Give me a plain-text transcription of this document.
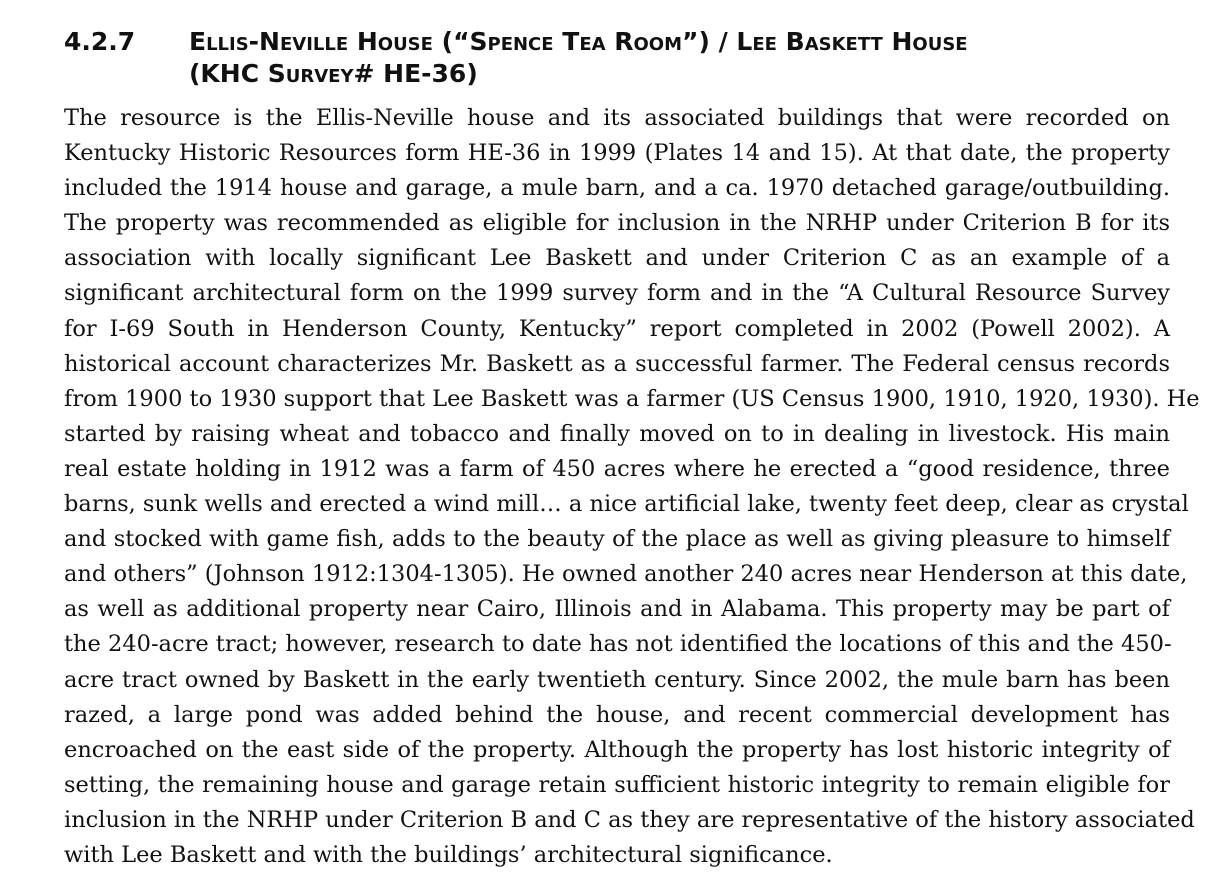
4.2.7 Ellis-Neville House (“Spence Tea Room”) / Lee Baskett House
(KHC Survey# HE-36)
The resource is the Ellis-Neville house and its associated buildings that were recorded on
Kentucky Historic Resources form HE-36 in 1999 (Plates 14 and 15). At that date, the property
included the 1914 house and garage, a mule barn, and a ca. 1970 detached garage/outbuilding.
The property was recommended as eligible for inclusion in the NRHP under Criterion B for its
association with locally significant Lee Baskett and under Criterion C as an example of a
significant architectural form on the 1999 survey form and in the “A Cultural Resource Survey
for I-69 South in Henderson County, Kentucky” report completed in 2002 (Powell 2002). A
historical account characterizes Mr. Baskett as a successful farmer. The Federal census records
from 1900 to 1930 support that Lee Baskett was a farmer (US Census 1900, 1910, 1920, 1930). He
started by raising wheat and tobacco and finally moved on to in dealing in livestock. His main
real estate holding in 1912 was a farm of 450 acres where he erected a “good residence, three
barns, sunk wells and erected a wind mill… a nice artificial lake, twenty feet deep, clear as crystal
and stocked with game fish, adds to the beauty of the place as well as giving pleasure to himself
and others” (Johnson 1912:1304-1305). He owned another 240 acres near Henderson at this date,
as well as additional property near Cairo, Illinois and in Alabama. This property may be part of
the 240-acre tract; however, research to date has not identified the locations of this and the 450-
acre tract owned by Baskett in the early twentieth century. Since 2002, the mule barn has been
razed, a large pond was added behind the house, and recent commercial development has
encroached on the east side of the property. Although the property has lost historic integrity of
setting, the remaining house and garage retain sufficient historic integrity to remain eligible for
inclusion in the NRHP under Criterion B and C as they are representative of the history associated
with Lee Baskett and with the buildings’ architectural significance.
